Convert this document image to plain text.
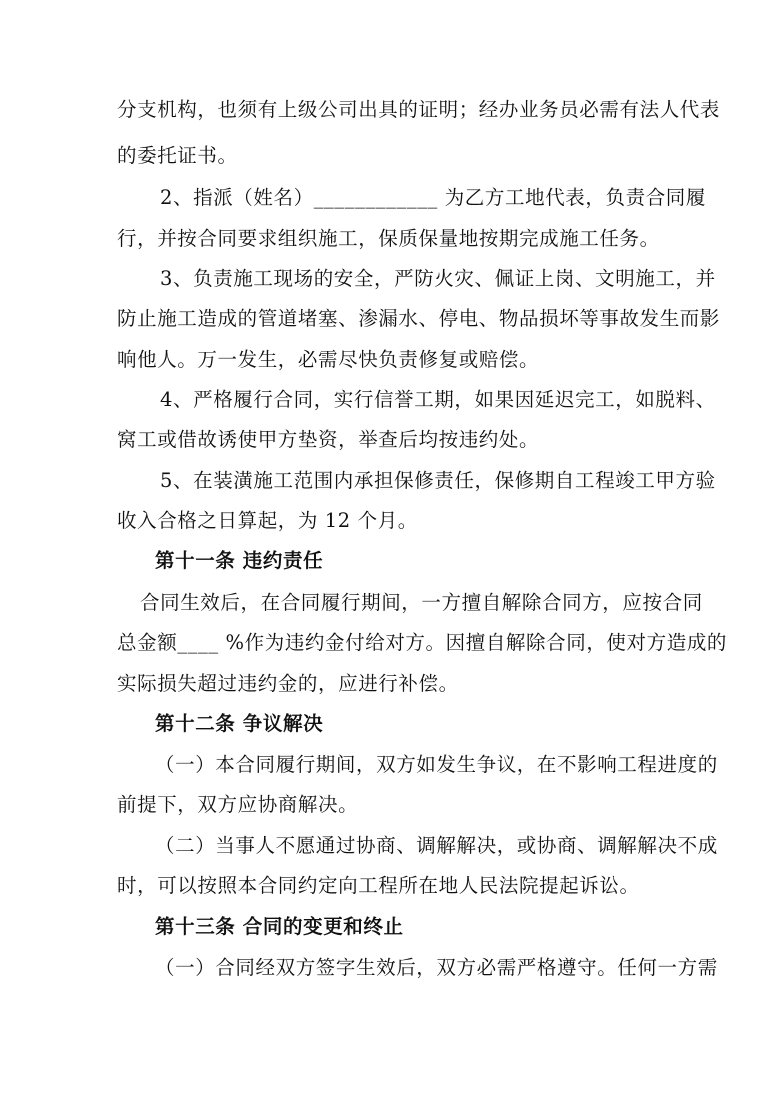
分支机构，也须有上级公司出具的证明；经办业务员必需有法人代表
的委托证书。
2、指派（姓名）____________ 为乙方工地代表，负责合同履
行，并按合同要求组织施工，保质保量地按期完成施工任务。
3、负责施工现场的安全，严防火灾、佩证上岗、文明施工，并
防止施工造成的管道堵塞、渗漏水、停电、物品损坏等事故发生而影
响他人。万一发生，必需尽快负责修复或赔偿。
4、严格履行合同，实行信誉工期，如果因延迟完工，如脱料、
窝工或借故诱使甲方垫资，举查后均按违约处。
5、在装潢施工范围内承担保修责任，保修期自工程竣工甲方验
收入合格之日算起，为 12 个月。
第十一条 违约责任
合同生效后，在合同履行期间，一方擅自解除合同方，应按合同
总金额____ %作为违约金付给对方。因擅自解除合同，使对方造成的
实际损失超过违约金的，应进行补偿。
第十二条 争议解决
（一）本合同履行期间，双方如发生争议，在不影响工程进度的
前提下，双方应协商解决。
（二）当事人不愿通过协商、调解解决，或协商、调解解决不成
时，可以按照本合同约定向工程所在地人民法院提起诉讼。
第十三条 合同的变更和终止
（一）合同经双方签字生效后，双方必需严格遵守。任何一方需
